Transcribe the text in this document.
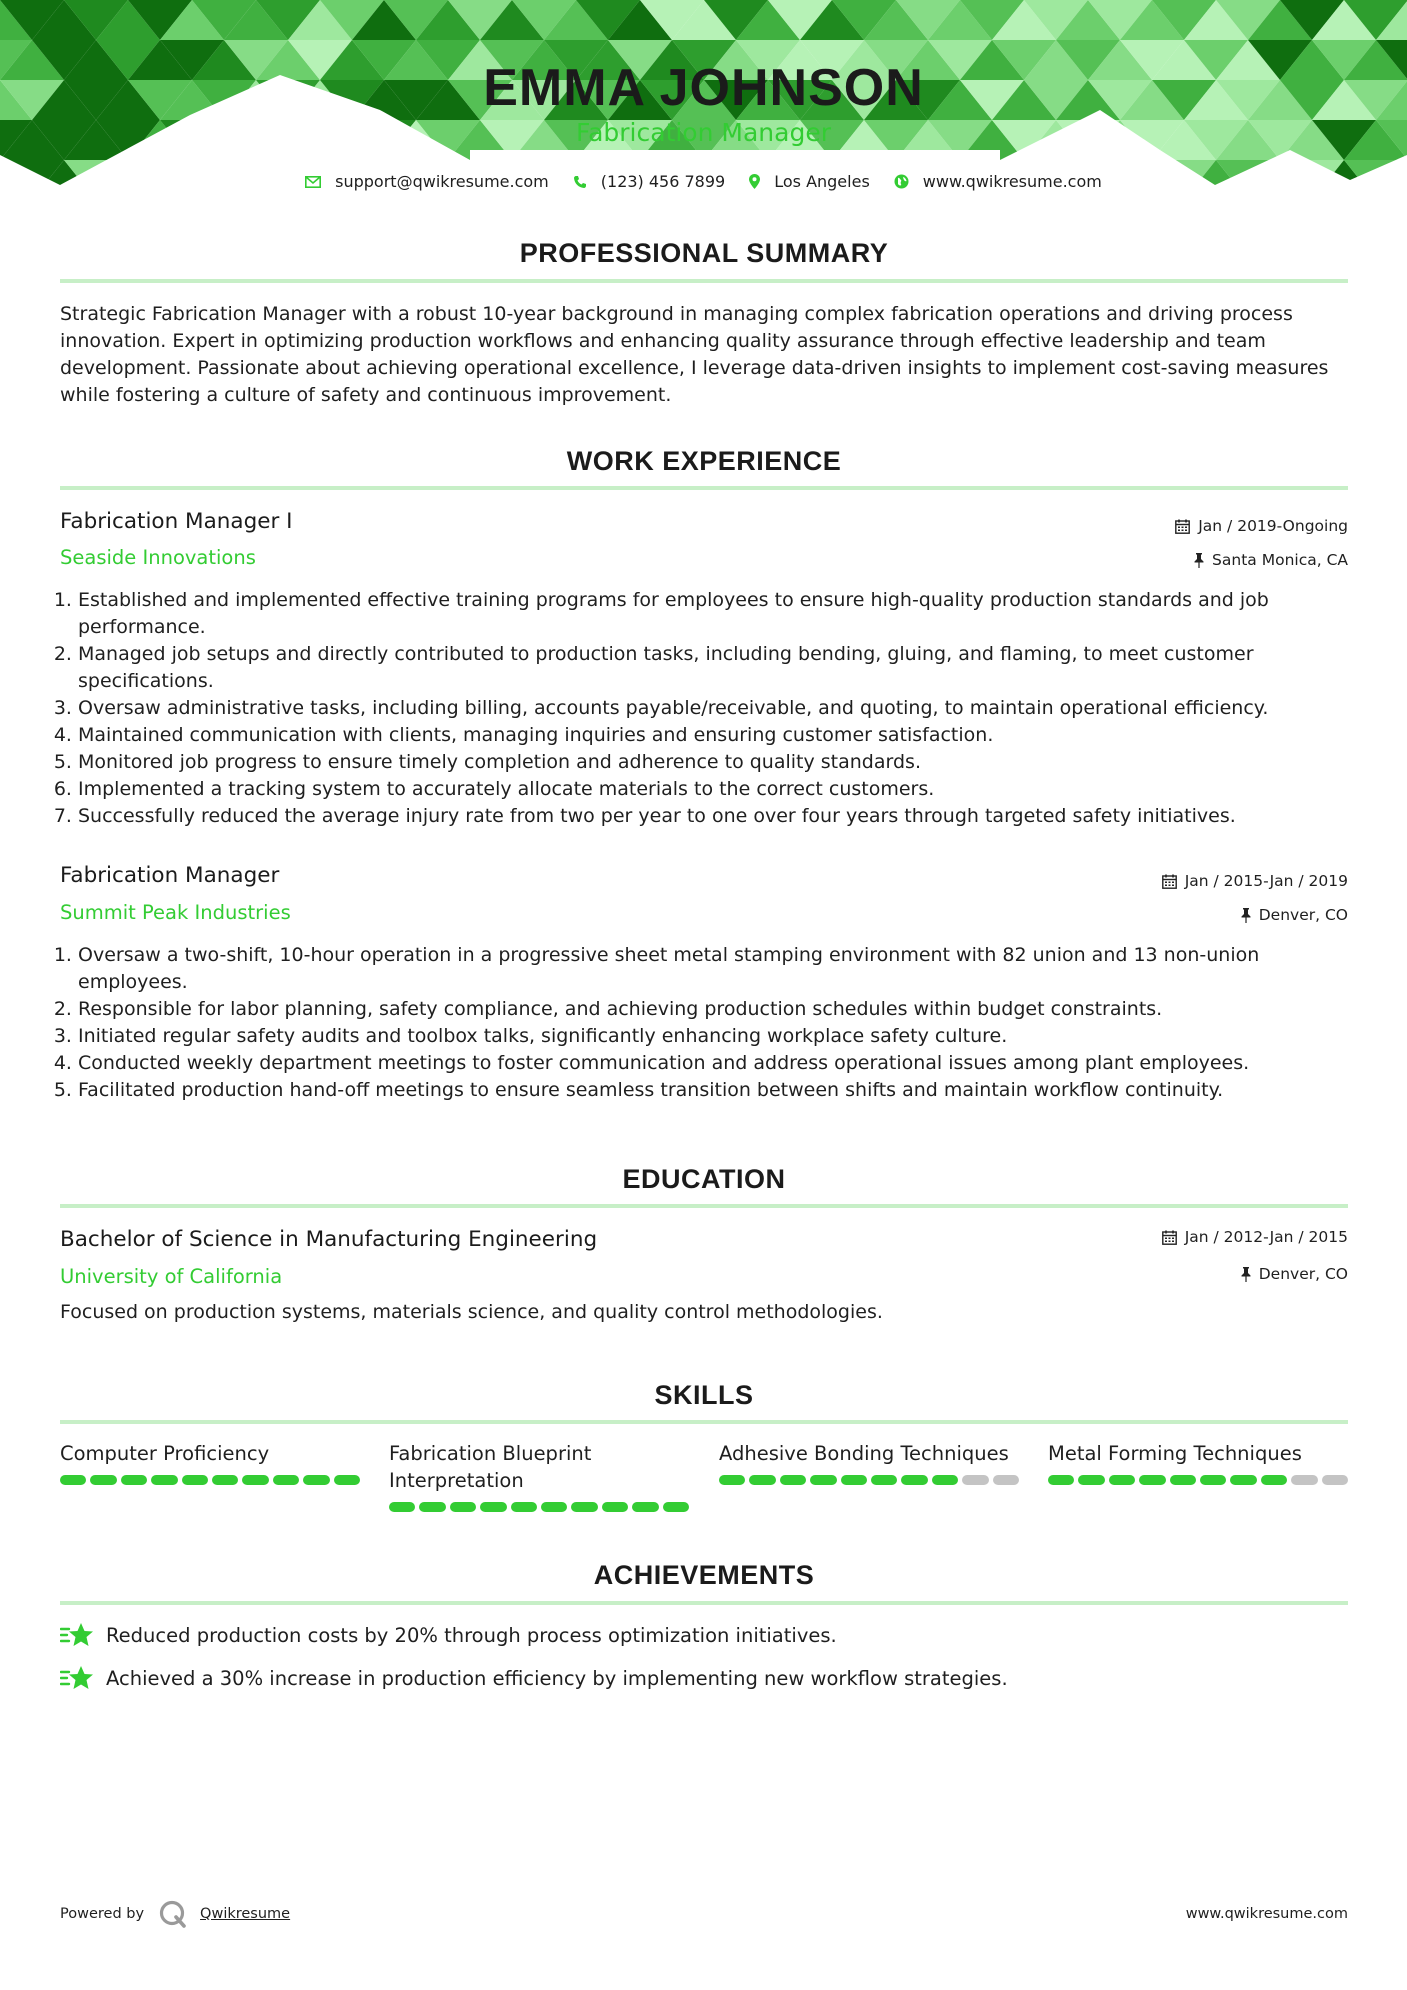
EMMA JOHNSON
Fabrication Manager
support@qwikresume.com	(123) 456 7899	Los Angeles	www.qwikresume.com
PROFESSIONAL SUMMARY
Strategic Fabrication Manager with a robust 10-year background in managing complex fabrication operations and driving process innovation. Expert in optimizing production workflows and enhancing quality assurance through effective leadership and team development. Passionate about achieving operational excellence, I leverage data-driven insights to implement cost-saving measures while fostering a culture of safety and continuous improvement.
WORK EXPERIENCE
Fabrication Manager I
Seaside Innovations
Jan / 2019-Ongoing
Santa Monica, CA
1. Established and implemented effective training programs for employees to ensure high-quality production standards and job performance.
2. Managed job setups and directly contributed to production tasks, including bending, gluing, and flaming, to meet customer specifications.
3. Oversaw administrative tasks, including billing, accounts payable/receivable, and quoting, to maintain operational efficiency.
4. Maintained communication with clients, managing inquiries and ensuring customer satisfaction.
5. Monitored job progress to ensure timely completion and adherence to quality standards.
6. Implemented a tracking system to accurately allocate materials to the correct customers.
7. Successfully reduced the average injury rate from two per year to one over four years through targeted safety initiatives.
Fabrication Manager
Summit Peak Industries
Jan / 2015-Jan / 2019
Denver, CO
1. Oversaw a two-shift, 10-hour operation in a progressive sheet metal stamping environment with 82 union and 13 non-union employees.
2. Responsible for labor planning, safety compliance, and achieving production schedules within budget constraints.
3. Initiated regular safety audits and toolbox talks, significantly enhancing workplace safety culture.
4. Conducted weekly department meetings to foster communication and address operational issues among plant employees.
5. Facilitated production hand-off meetings to ensure seamless transition between shifts and maintain workflow continuity.
EDUCATION
Bachelor of Science in Manufacturing Engineering
University of California
Jan / 2012-Jan / 2015
Denver, CO
Focused on production systems, materials science, and quality control methodologies.
SKILLS
Computer Proficiency	Fabrication Blueprint Interpretation
Adhesive Bonding Techniques	Metal Forming Techniques
ACHIEVEMENTS
Reduced production costs by 20% through process optimization initiatives.
Achieved a 30% increase in production efficiency by implementing new workflow strategies.
Powered by	Qwikresume	www.qwikresume.com
